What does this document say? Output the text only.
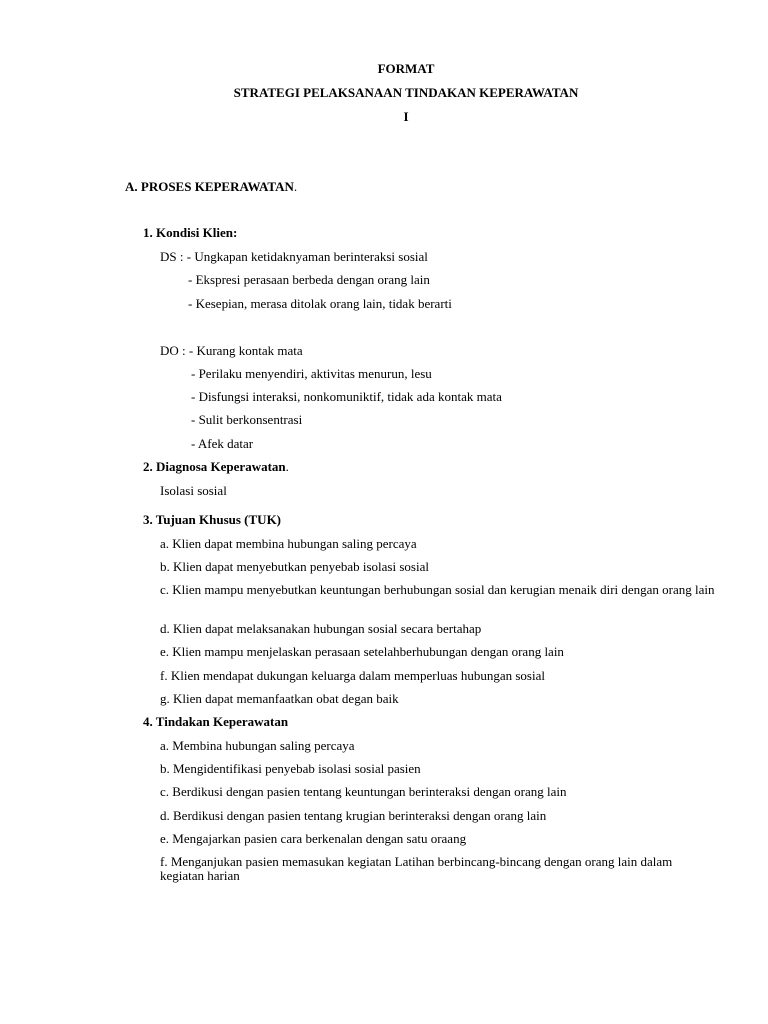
FORMAT
STRATEGI PELAKSANAAN TINDAKAN KEPERAWATAN
I
A. PROSES KEPERAWATAN.
1. Kondisi Klien:
DS : - Ungkapan ketidaknyaman berinteraksi sosial
- Ekspresi perasaan berbeda dengan orang lain
- Kesepian, merasa ditolak orang lain, tidak berarti
DO : - Kurang kontak mata
- Perilaku menyendiri, aktivitas menurun, lesu
- Disfungsi interaksi, nonkomuniktif, tidak ada kontak mata
- Sulit berkonsentrasi
- Afek datar
2. Diagnosa Keperawatan.
Isolasi sosial
3. Tujuan Khusus (TUK)
a. Klien dapat membina hubungan saling percaya
b. Klien dapat menyebutkan penyebab isolasi sosial
c. Klien mampu menyebutkan keuntungan berhubungan sosial dan kerugian menaik diri dengan orang lain
d. Klien dapat melaksanakan hubungan sosial secara bertahap
e. Klien mampu menjelaskan perasaan setelahberhubungan dengan orang lain
f. Klien mendapat dukungan keluarga dalam memperluas hubungan sosial
g. Klien dapat memanfaatkan obat degan baik
4. Tindakan Keperawatan
a. Membina hubungan saling percaya
b. Mengidentifikasi penyebab isolasi sosial pasien
c. Berdikusi dengan pasien tentang keuntungan berinteraksi dengan orang lain
d. Berdikusi dengan pasien tentang krugian berinteraksi dengan orang lain
e. Mengajarkan pasien cara berkenalan dengan satu oraang
f. Menganjukan pasien memasukan kegiatan Latihan berbincang-bincang dengan orang lain dalam kegiatan harian
